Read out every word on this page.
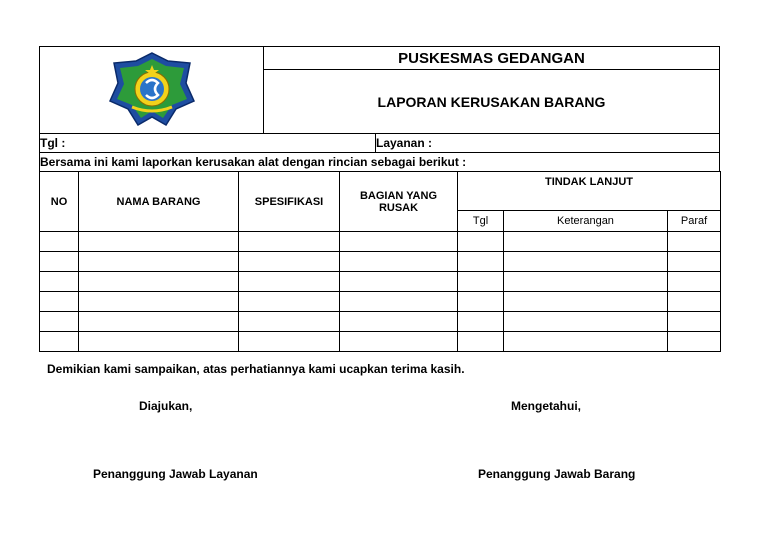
	PUSKESMAS GEDANGAN
LAPORAN KERUSAKAN BARANG
Tgl :	Layanan :
Bersama ini kami laporkan kerusakan alat dengan rincian sebagai berikut :
NO	NAMA BARANG	SPESIFIKASI	BAGIAN YANG RUSAK	TINDAK LANJUT		
				Tgl	Keterangan	Paraf

Demikian kami sampaikan, atas perhatiannya kami ucapkan terima kasih.
Diajukan,	Mengetahui,
Penanggung Jawab Layanan	Penanggung Jawab Barang
